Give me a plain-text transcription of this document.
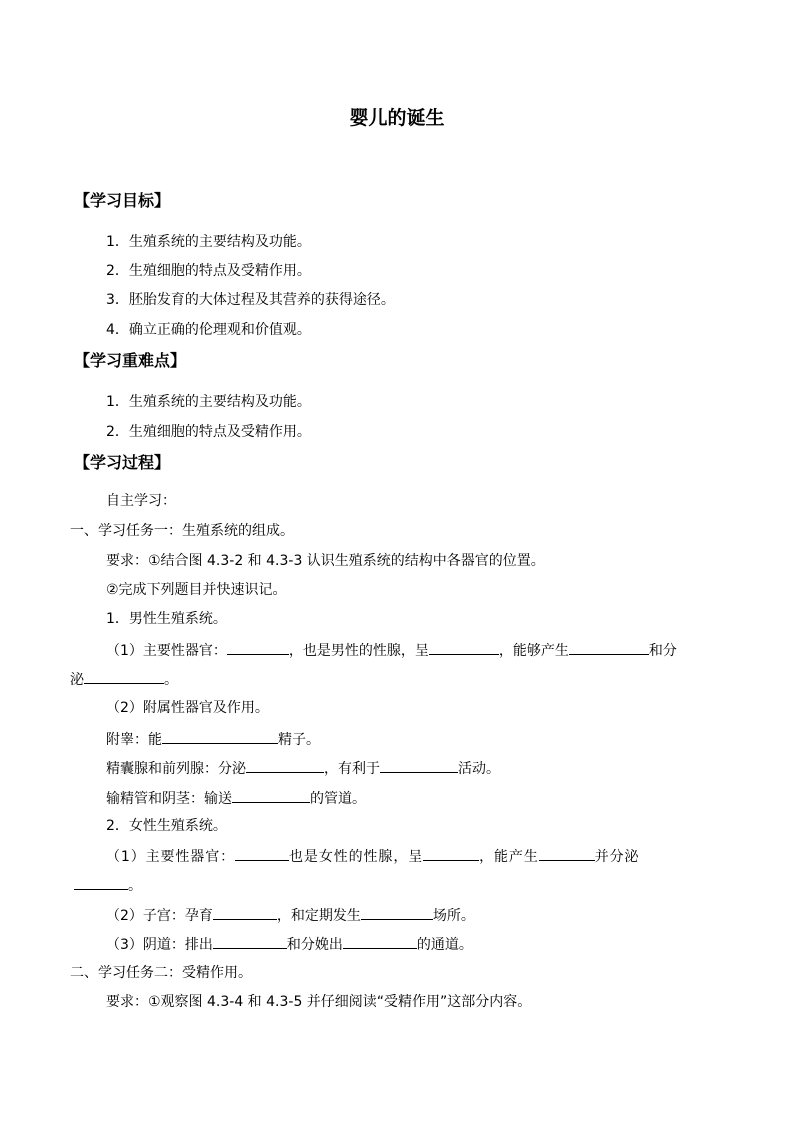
婴儿的诞生
【学习目标】
1．生殖系统的主要结构及功能。
2．生殖细胞的特点及受精作用。
3．胚胎发育的大体过程及其营养的获得途径。
4．确立正确的伦理观和价值观。
【学习重难点】
1．生殖系统的主要结构及功能。
2．生殖细胞的特点及受精作用。
【学习过程】
自主学习：
一、学习任务一：生殖系统的组成。
要求：①结合图 4.3-2 和 4.3-3 认识生殖系统的结构中各器官的位置。
②完成下列题目并快速识记。
1．男性生殖系统。
（1）主要性器官：	，也是男性的性腺，呈	，能够产生	和分
泌	。
（2）附属性器官及作用。
附睾：能	精子。
精囊腺和前列腺：分泌	，有利于	活动。
输精管和阴茎：输送	的管道。
2．女性生殖系统。
（1）主要性器官：	也是女性的性腺，呈	，能产生	并分泌
。
（2）子宫：孕育	，和定期发生	场所。
（3）阴道：排出	和分娩出	的通道。
二、学习任务二：受精作用。
要求：①观察图 4.3-4 和 4.3-5 并仔细阅读“受精作用”这部分内容。
